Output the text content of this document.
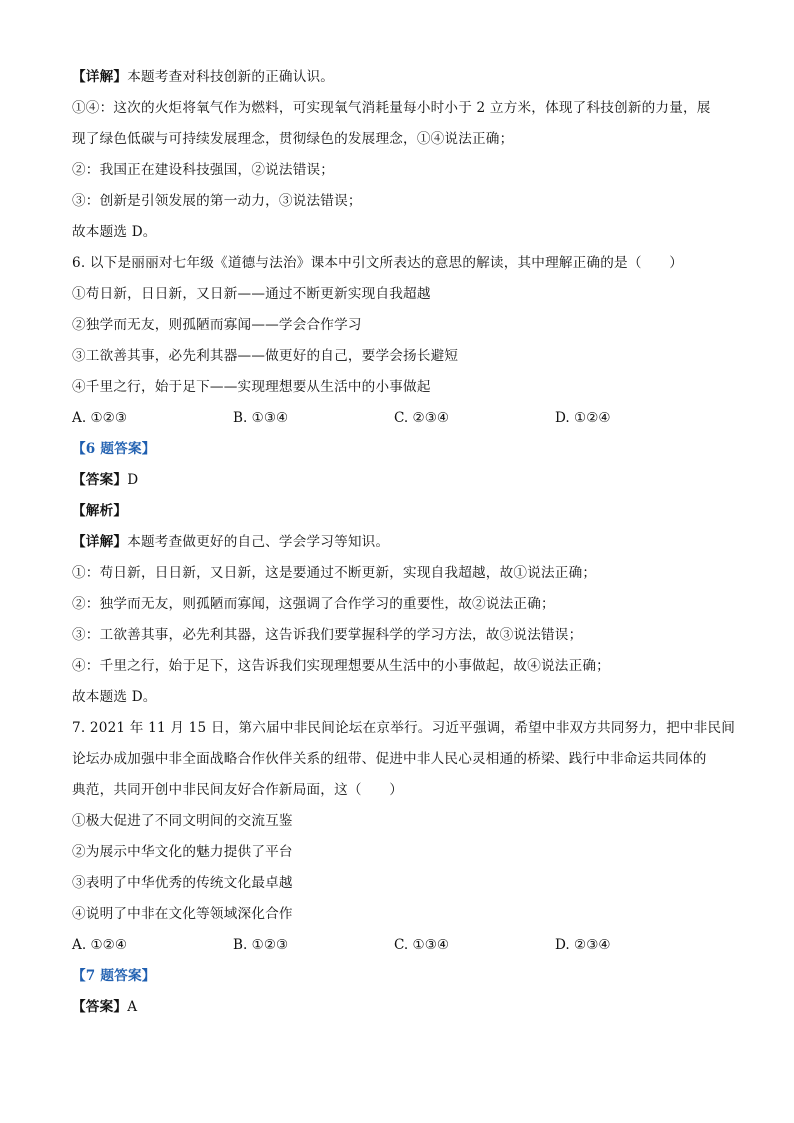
【详解】本题考查对科技创新的正确认识。
①④：这次的火炬将氧气作为燃料，可实现氧气消耗量每小时小于 2 立方米，体现了科技创新的力量，展
现了绿色低碳与可持续发展理念，贯彻绿色的发展理念，①④说法正确；
②：我国正在建设科技强国，②说法错误；
③：创新是引领发展的第一动力，③说法错误；
故本题选 D。
6. 以下是丽丽对七年级《道德与法治》课本中引文所表达的意思的解读，其中理解正确的是（　　）
①苟日新，日日新，又日新——通过不断更新实现自我超越
②独学而无友，则孤陋而寡闻——学会合作学习
③工欲善其事，必先利其器——做更好的自己，要学会扬长避短
④千里之行，始于足下——实现理想要从生活中的小事做起
A. ①②③	B. ①③④	C. ②③④	D. ①②④
【6 题答案】
【答案】D
【解析】
【详解】本题考查做更好的自己、学会学习等知识。
①：苟日新，日日新，又日新，这是要通过不断更新，实现自我超越，故①说法正确；
②：独学而无友，则孤陋而寡闻，这强调了合作学习的重要性，故②说法正确；
③：工欲善其事，必先利其器，这告诉我们要掌握科学的学习方法，故③说法错误；
④：千里之行，始于足下，这告诉我们实现理想要从生活中的小事做起，故④说法正确；
故本题选 D。
7. 2021 年 11 月 15 日，第六届中非民间论坛在京举行。习近平强调，希望中非双方共同努力，把中非民间
论坛办成加强中非全面战略合作伙伴关系的纽带、促进中非人民心灵相通的桥梁、践行中非命运共同体的
典范，共同开创中非民间友好合作新局面，这（　　）
①极大促进了不同文明间的交流互鉴
②为展示中华文化的魅力提供了平台
③表明了中华优秀的传统文化最卓越
④说明了中非在文化等领域深化合作
A. ①②④	B. ①②③	C. ①③④	D. ②③④
【7 题答案】
【答案】A
